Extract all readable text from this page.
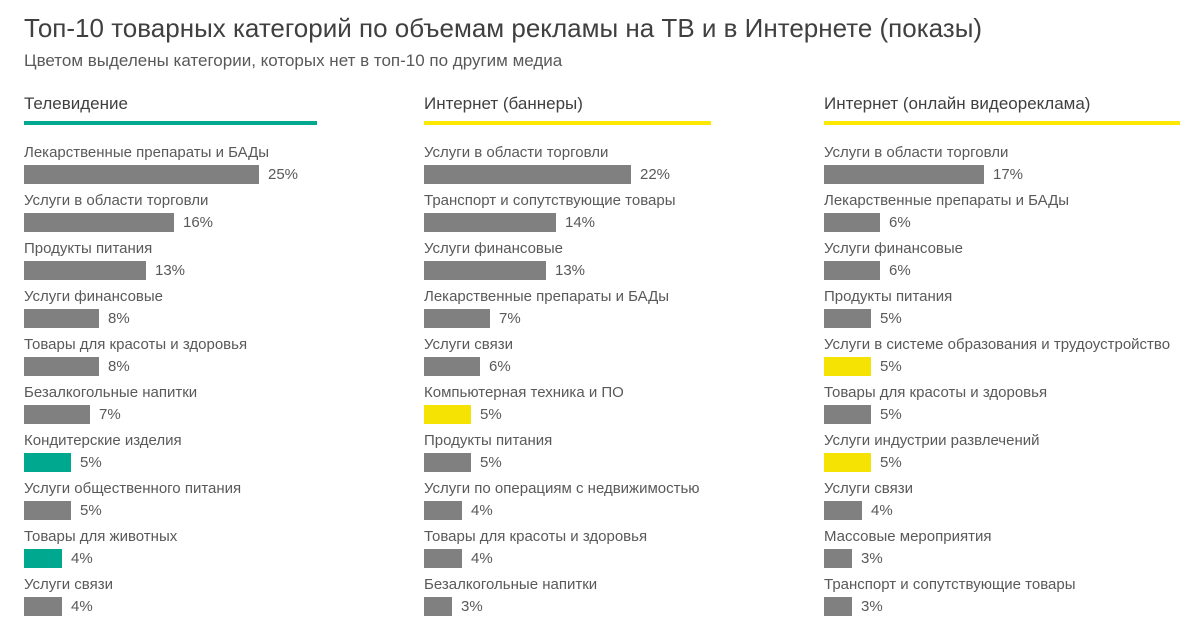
Топ-10 товарных категорий по объемам рекламы на ТВ и в Интернете (показы)
Цветом выделены категории, которых нет в топ-10 по другим медиа
Телевидение
Лекарственные препараты и БАДы
25%
Услуги в области торговли
16%
Продукты питания
13%
Услуги финансовые
8%
Товары для красоты и здоровья
8%
Безалкогольные напитки
7%
Кондитерские изделия
5%
Услуги общественного питания
5%
Товары для животных
4%
Услуги связи
4%
Интернет (баннеры)
Услуги в области торговли
22%
Транспорт и сопутствующие товары
14%
Услуги финансовые
13%
Лекарственные препараты и БАДы
7%
Услуги связи
6%
Компьютерная техника и ПО
5%
Продукты питания
5%
Услуги по операциям с недвижимостью
4%
Товары для красоты и здоровья
4%
Безалкогольные напитки
3%
Интернет (онлайн видеореклама)
Услуги в области торговли
17%
Лекарственные препараты и БАДы
6%
Услуги финансовые
6%
Продукты питания
5%
Услуги в системе образования и трудоустройство
5%
Товары для красоты и здоровья
5%
Услуги индустрии развлечений
5%
Услуги связи
4%
Массовые мероприятия
3%
Транспорт и сопутствующие товары
3%
